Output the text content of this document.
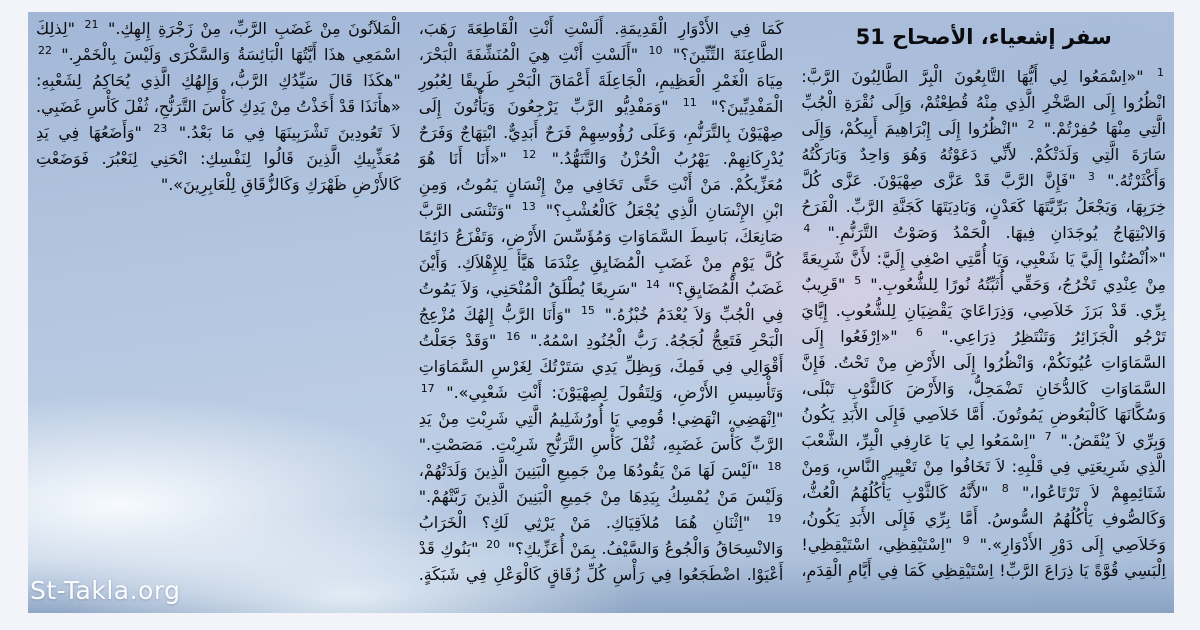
سفر إشعياء، الأصحاح 51

$^1$ "«اِسْمَعُوا لِي أَيُّهَا التَّابِعُونَ الْبِرَّ الطَّالِبُونَ الرَّبَّ: انْظُرُوا إِلَى الصَّخْرِ الَّذِي مِنْهُ قُطِعْتُمْ، وَإِلَى نُقْرَةِ الْجُبِّ الَّتِي مِنْهَا حُفِرْتُمْ." $^2$ "انْظُرُوا إِلَى إِبْرَاهِيمَ أَبِيكُمْ، وَإِلَى سَارَةَ الَّتِي وَلَدَتْكُمْ. لأَنِّي دَعَوْتُهُ وَهُوَ وَاحِدٌ وَبَارَكْتُهُ وَأَكْثَرْتُهُ." $^3$ "فَإِنَّ الرَّبَّ قَدْ عَزَّى صِهْيَوْنَ. عَزَّى كُلَّ خِرَبِهَا، وَيَجْعَلُ بَرِّيَّتَهَا كَعَدْنٍ، وَبَادِيَتَهَا كَجَنَّةِ الرَّبِّ. الْفَرَحُ وَالابْتِهَاجُ يُوجَدَانِ فِيهَا. الْحَمْدُ وَصَوْتُ التَّرَنُّمِ." $^4$ "«اُنْصُتُوا إِلَيَّ يَا شَعْبِي، وَيَا أُمَّتِي اصْغِي إِلَيَّ: لأَنَّ شَرِيعَةً مِنْ عِنْدِي تَخْرُجُ، وَحَقِّي أُثَبِّتُهُ نُورًا لِلشُّعُوبِ." $^5$ "قَرِيبٌ بِرِّي. قَدْ بَرَزَ خَلاَصِي، وَذِرَاعَايَ يَقْضِيَانِ لِلشُّعُوبِ. إِيَّايَ تَرْجُو الْجَزَائِرُ وَتَنْتَظِرُ ذِرَاعِي." $^6$ "«اِرْفَعُوا إِلَى السَّمَاوَاتِ عُيُونَكُمْ، وَانْظُرُوا إِلَى الأَرْضِ مِنْ تَحْتُ. فَإِنَّ السَّمَاوَاتِ كَالدُّخَانِ تَضْمَحِلُّ، وَالأَرْضَ كَالثَّوْبِ تَبْلَى، وَسُكَّانَهَا كَالْبَعُوضِ يَمُوتُونَ. أَمَّا خَلاَصِي فَإِلَى الأَبَدِ يَكُونُ وَبِرِّي لاَ يُنْقَضُ." $^7$ "اِسْمَعُوا لِي يَا عَارِفِي الْبِرِّ، الشَّعْبَ الَّذِي شَرِيعَتِي فِي قَلْبِهِ: لاَ تَخَافُوا مِنْ تَعْيِيرِ النَّاسِ، وَمِنْ شَتَائِمِهِمْ لاَ تَرْتَاعُوا،" $^8$ "لأَنَّهُ كَالثَّوْبِ يَأْكُلُهُمُ الْعُثُّ، وَكَالصُّوفِ يَأْكُلُهُمُ السُّوسُ. أَمَّا بِرِّي فَإِلَى الأَبَدِ يَكُونُ، وَخَلاَصِي إِلَى دَوْرِ الأَدْوَارِ»." $^9$ "اِسْتَيْقِظِي، اسْتَيْقِظِي! اِلْبَسِي قُوَّةً يَا ذِرَاعَ الرَّبِّ! اِسْتَيْقِظِي كَمَا فِي أَيَّامِ الْقِدَمِ، كَمَا فِي الأَدْوَارِ الْقَدِيمَةِ. أَلَسْتِ أَنْتِ الْقَاطِعَةَ رَهَبَ، الطَّاعِنَةَ التِّنِّينَ؟" $^{10}$ "أَلَسْتِ أَنْتِ هِيَ الْمُنَشِّفَةَ الْبَحْرَ، مِيَاهَ الْغَمْرِ الْعَظِيمِ، الْجَاعِلَةَ أَعْمَاقَ الْبَحْرِ طَرِيقًا لِعُبُورِ الْمَفْدِيِّينَ؟" $^{11}$ "وَمَفْدِيُّو الرَّبِّ يَرْجِعُونَ وَيَأْتُونَ إِلَى صِهْيَوْنَ بِالتَّرَنُّمِ، وَعَلَى رُؤُوسِهِمْ فَرَحٌ أَبَدِيٌّ. ابْتِهَاجٌ وَفَرَحٌ يُدْرِكَانِهِمْ. يَهْرُبُ الْحُزْنُ وَالتَّنَهُّدُ." $^{12}$ "«أَنَا أَنَا هُوَ مُعَزِّيكُمْ. مَنْ أَنْتِ حَتَّى تَخَافِي مِنْ إِنْسَانٍ يَمُوتُ، وَمِنِ ابْنِ الإِنْسَانِ الَّذِي يُجْعَلُ كَالْعُشْبِ؟" $^{13}$ "وَتَنْسَى الرَّبَّ صَانِعَكَ، بَاسِطَ السَّمَاوَاتِ وَمُؤَسِّسَ الأَرْضِ، وَتَفْزَعُ دَائِمًا كُلَّ يَوْمٍ مِنْ غَضَبِ الْمُضَايِقِ عِنْدَمَا هَيَّأَ لِلإِهْلاَكِ. وَأَيْنَ غَضَبُ الْمُضَايِقِ؟" $^{14}$ "سَرِيعًا يُطْلَقُ الْمُنْحَنِي، وَلاَ يَمُوتُ فِي الْجُبِّ وَلاَ يُعْدَمُ خُبْزُهُ." $^{15}$ "وَأَنَا الرَّبُّ إِلهُكَ مُزْعِجُ الْبَحْرِ فَتَعِجُّ لُجَجُهُ. رَبُّ الْجُنُودِ اسْمُهُ." $^{16}$ "وَقَدْ جَعَلْتُ أَقْوَالِي فِي فَمِكَ، وَبِظِلِّ يَدِي سَتَرْتُكَ لِغَرْسِ السَّمَاوَاتِ وَتَأْسِيسِ الأَرْضِ، وَلِتَقُولَ لِصِهْيَوْنَ: أَنْتِ شَعْبِي»." $^{17}$ "اِنْهَضِي، انْهَضِي! قُومِي يَا أُورُشَلِيمُ الَّتِي شَرِبْتِ مِنْ يَدِ الرَّبِّ كَأْسَ غَضَبِهِ، ثُفْلَ كَأْسِ التَّرَنُّحِ شَرِبْتِ. مَصَصْتِ." $^{18}$ "لَيْسَ لَهَا مَنْ يَقُودُهَا مِنْ جَمِيعِ الْبَنِينَ الَّذِينَ وَلَدَتْهُمْ، وَلَيْسَ مَنْ يُمْسِكُ بِيَدِهَا مِنْ جَمِيعِ الْبَنِينَ الَّذِينَ رَبَّتْهُمْ." $^{19}$ "اِثْنَانِ هُمَا مُلاَقِيَاكِ. مَنْ يَرْثِي لَكِ؟ الْخَرَابُ وَالانْسِحَاقُ وَالْجُوعُ وَالسَّيْفُ. بِمَنْ أُعَزِّيكِ؟" $^{20}$ "بَنُوكِ قَدْ أَعْيَوْا. اضْطَجَعُوا فِي رَأْسِ كُلِّ زُقَاقٍ كَالْوَعْلِ فِي شَبَكَةٍ. الْمَلآنُونَ مِنْ غَضَبِ الرَّبِّ، مِنْ زَجْرَةِ إِلهِكِ." $^{21}$ "لِذلِكَ اسْمَعِي هذَا أَيَّتُهَا الْبَائِسَةُ وَالسَّكْرَى وَلَيْسَ بِالْخَمْرِ." $^{22}$ "هكَذَا قَالَ سَيِّدُكِ الرَّبُّ، وَإِلهُكِ الَّذِي يُحَاكِمُ لِشَعْبِهِ: «هأَنَذَا قَدْ أَخَذْتُ مِنْ يَدِكِ كَأْسَ التَّرَنُّحِ، ثُفْلَ كَأْسِ غَضَبِي. لاَ تَعُودِينَ تَشْرَبِينَهَا فِي مَا بَعْدُ." $^{23}$ "وَأَضَعُهَا فِي يَدِ مُعَذِّبِيكِ الَّذِينَ قَالُوا لِنَفْسِكِ: انْحَنِي لِنَعْبُرَ. فَوَضَعْتِ كَالأَرْضِ ظَهْرَكِ وَكَالزُّقَاقِ لِلْعَابِرِينَ»."

St-Takla.org
